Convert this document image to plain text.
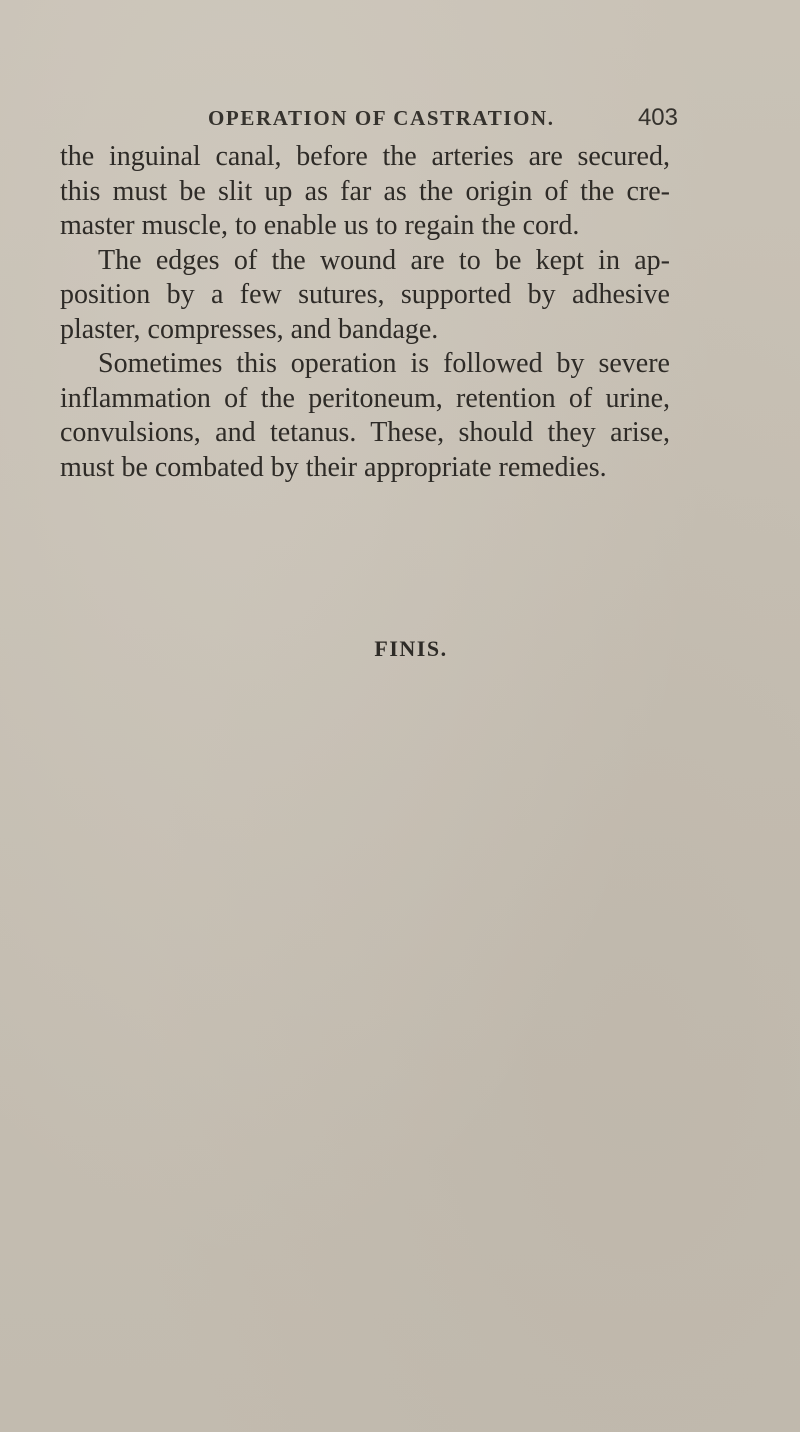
OPERATION OF CASTRATION.	403
the inguinal canal, before the arteries are secured,
this must be slit up as far as the origin of the cre-
master muscle, to enable us to regain the cord.
The edges of the wound are to be kept in ap-
position by a few sutures, supported by adhesive
plaster, compresses, and bandage.
Sometimes this operation is followed by severe
inflammation of the peritoneum, retention of urine,
convulsions, and tetanus. These, should they arise,
must be combated by their appropriate remedies.
FINIS.
